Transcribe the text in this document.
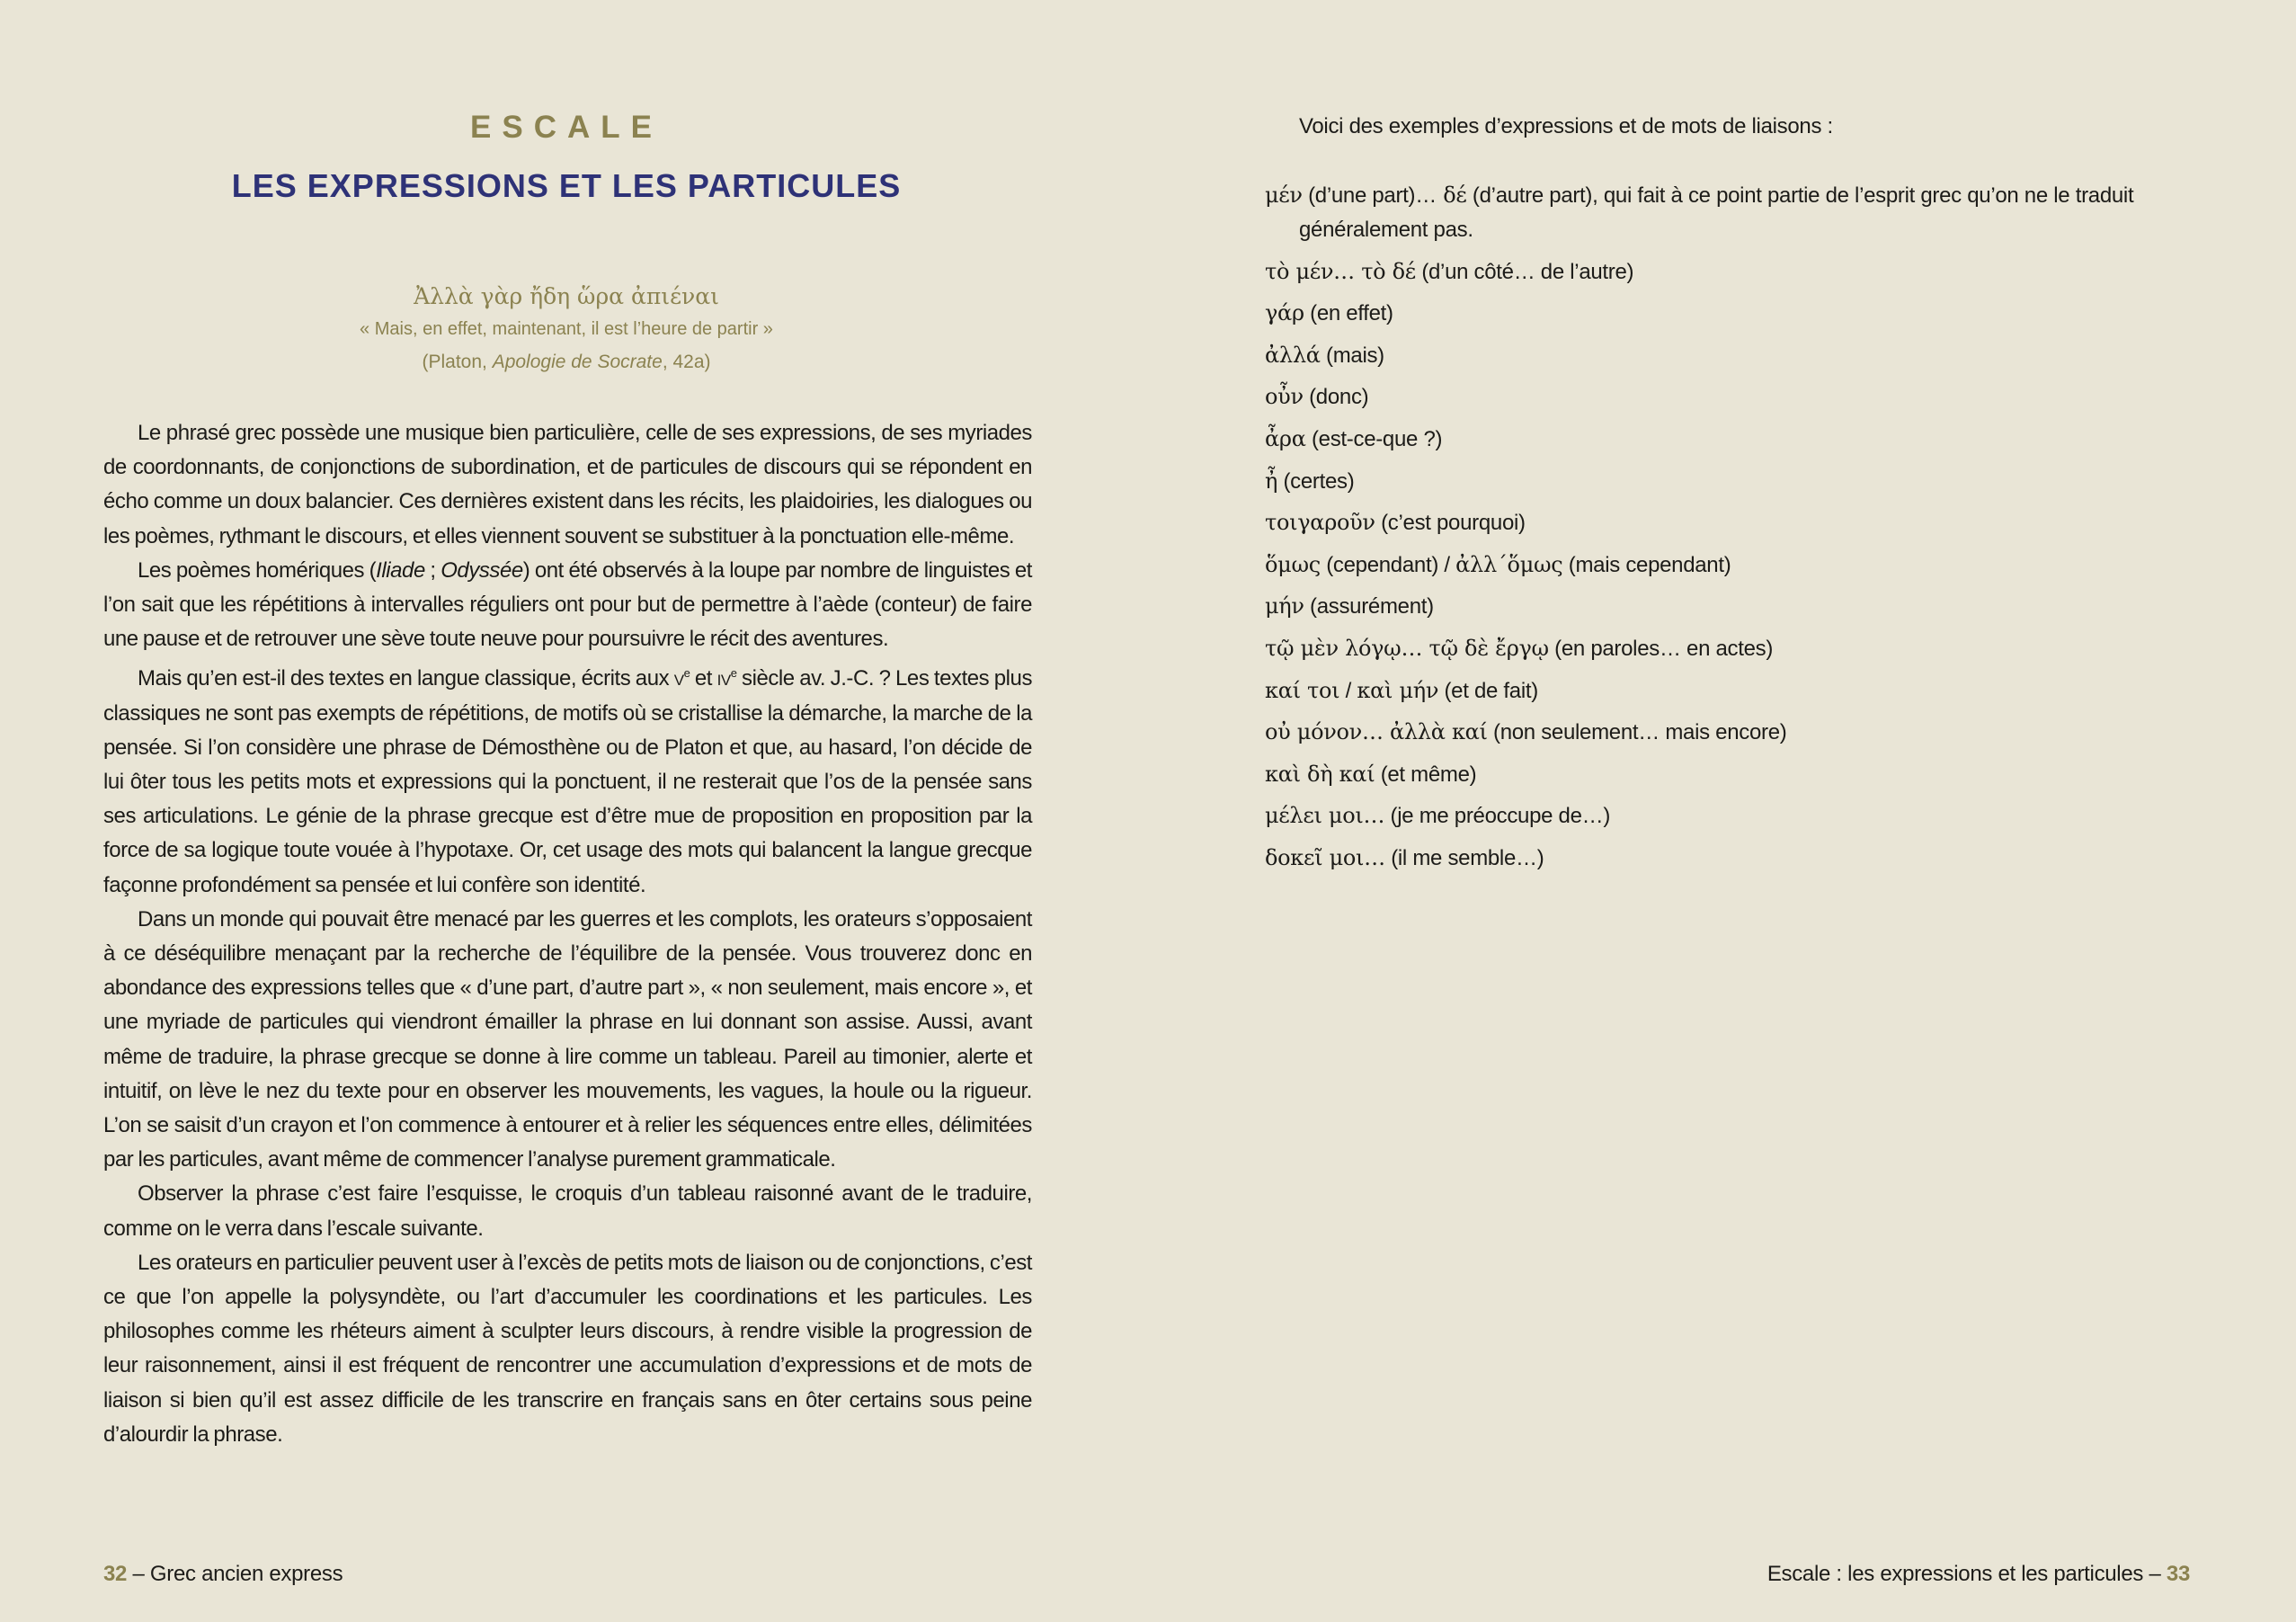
ESCALE
LES EXPRESSIONS ET LES PARTICULES
Ἀλλὰ γὰρ ἤδη ὥρα ἀπιέναι
« Mais, en effet, maintenant, il est l’heure de partir »
(Platon, Apologie de Socrate, 42a)

Le phrasé grec possède une musique bien particulière, celle de ses expressions, de ses myriades de coordonnants, de conjonctions de subordination, et de particules de discours qui se répondent en écho comme un doux balancier. Ces dernières existent dans les récits, les plaidoiries, les dialogues ou les poèmes, rythmant le discours, et elles viennent souvent se substituer à la ponctuation elle-même.

Les poèmes homériques (Iliade ; Odyssée) ont été observés à la loupe par nombre de linguistes et l’on sait que les répétitions à intervalles réguliers ont pour but de permettre à l’aède (conteur) de faire une pause et de retrouver une sève toute neuve pour poursuivre le récit des aventures.

Mais qu’en est-il des textes en langue classique, écrits aux $v^e$ et $iv^e$ siècle av. J.-C. ? Les textes plus classiques ne sont pas exempts de répétitions, de motifs où se cristallise la démarche, la marche de la pensée. Si l’on considère une phrase de Démosthène ou de Platon et que, au hasard, l’on décide de lui ôter tous les petits mots et expressions qui la ponctuent, il ne resterait que l’os de la pensée sans ses articulations. Le génie de la phrase grecque est d’être mue de proposition en proposition par la force de sa logique toute vouée à l’hypotaxe. Or, cet usage des mots qui balancent la langue grecque façonne profondément sa pensée et lui confère son identité.

Dans un monde qui pouvait être menacé par les guerres et les complots, les orateurs s’opposaient à ce déséquilibre menaçant par la recherche de l’équilibre de la pensée. Vous trouverez donc en abondance des expressions telles que « d’une part, d’autre part », « non seulement, mais encore », et une myriade de particules qui viendront émailler la phrase en lui donnant son assise. Aussi, avant même de traduire, la phrase grecque se donne à lire comme un tableau. Pareil au timonier, alerte et intuitif, on lève le nez du texte pour en observer les mouvements, les vagues, la houle ou la rigueur. L’on se saisit d’un crayon et l’on commence à entourer et à relier les séquences entre elles, délimitées par les particules, avant même de commencer l’analyse purement grammaticale.

Observer la phrase c’est faire l’esquisse, le croquis d’un tableau raisonné avant de le traduire, comme on le verra dans l’escale suivante.

Les orateurs en particulier peuvent user à l’excès de petits mots de liaison ou de conjonctions, c’est ce que l’on appelle la polysyndète, ou l’art d’accumuler les coordinations et les particules. Les philosophes comme les rhéteurs aiment à sculpter leurs discours, à rendre visible la progression de leur raisonnement, ainsi il est fréquent de rencontrer une accumulation d’expressions et de mots de liaison si bien qu’il est assez difficile de les transcrire en français sans en ôter certains sous peine d’alourdir la phrase.

32 – Grec ancien express
Voici des exemples d’expressions et de mots de liaisons :
μέν (d’une part)… δέ (d’autre part), qui fait à ce point partie de l’esprit grec qu’on ne le traduit généralement pas.
τὸ μέν… τὸ δέ (d’un côté… de l’autre)
γάρ (en effet)
ἀλλά (mais)
οὖν (donc)
ἆρα (est-ce-que ?)
ἦ (certes)
τοιγαροῦν (c’est pourquoi)
ὅμως (cependant) / ἀλλ΄ὅμως (mais cependant)
μήν (assurément)
τῷ μὲν λόγῳ… τῷ δὲ ἔργῳ (en paroles… en actes)
καί τοι / καὶ μήν (et de fait)
οὐ μόνον… ἀλλὰ καί (non seulement… mais encore)
καὶ δὴ καί (et même)
μέλει μοι… (je me préoccupe de…)
δοκεῖ μοι… (il me semble…)
Escale : les expressions et les particules – 33
